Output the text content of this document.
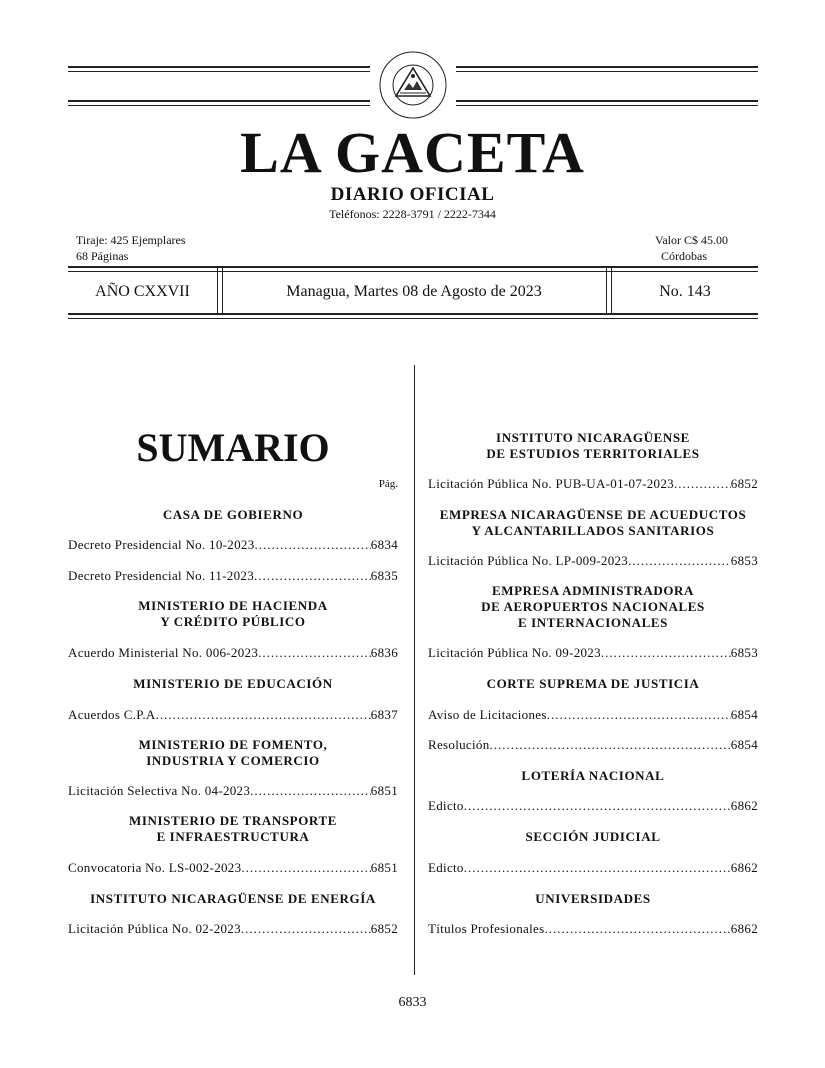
LA GACETA
DIARIO OFICIAL
Teléfonos: 2228-3791 / 2222-7344
Tiraje: 425 Ejemplares
68 Páginas
Valor C$ 45.00
Córdobas
AÑO CXXVII	Managua, Martes 08 de Agosto de 2023	No. 143
SUMARIO
Pág.
CASA DE GOBIERNO
Decreto Presidencial No. 10-2023 .....	6834
Decreto Presidencial No. 11-2023 .....	6835
MINISTERIO DE HACIENDA
Y CRÉDITO PÚBLICO
Acuerdo Ministerial No. 006-2023 .....	6836
MINISTERIO DE EDUCACIÓN
Acuerdos C.P.A .....	6837
MINISTERIO DE FOMENTO,
INDUSTRIA Y COMERCIO
Licitación Selectiva No. 04-2023 .....	6851
MINISTERIO DE TRANSPORTE
E INFRAESTRUCTURA
Convocatoria No. LS-002-2023 .....	6851
INSTITUTO NICARAGÜENSE DE ENERGÍA
Licitación Pública No. 02-2023 .....	6852
INSTITUTO NICARAGÜENSE
DE ESTUDIOS TERRITORIALES
Licitación Pública No. PUB-UA-01-07-2023 .....	6852
EMPRESA NICARAGÜENSE DE ACUEDUCTOS
Y ALCANTARILLADOS SANITARIOS
Licitación Pública No. LP-009-2023 .....	6853
EMPRESA ADMINISTRADORA
DE AEROPUERTOS NACIONALES
E INTERNACIONALES
Licitación Pública No. 09-2023 .....	6853
CORTE SUPREMA DE JUSTICIA
Aviso de Licitaciones .....	6854
Resolución .....	6854
LOTERÍA NACIONAL
Edicto .....	6862
SECCIÓN JUDICIAL
Edicto .....	6862
UNIVERSIDADES
Títulos Profesionales .....	6862
6833
